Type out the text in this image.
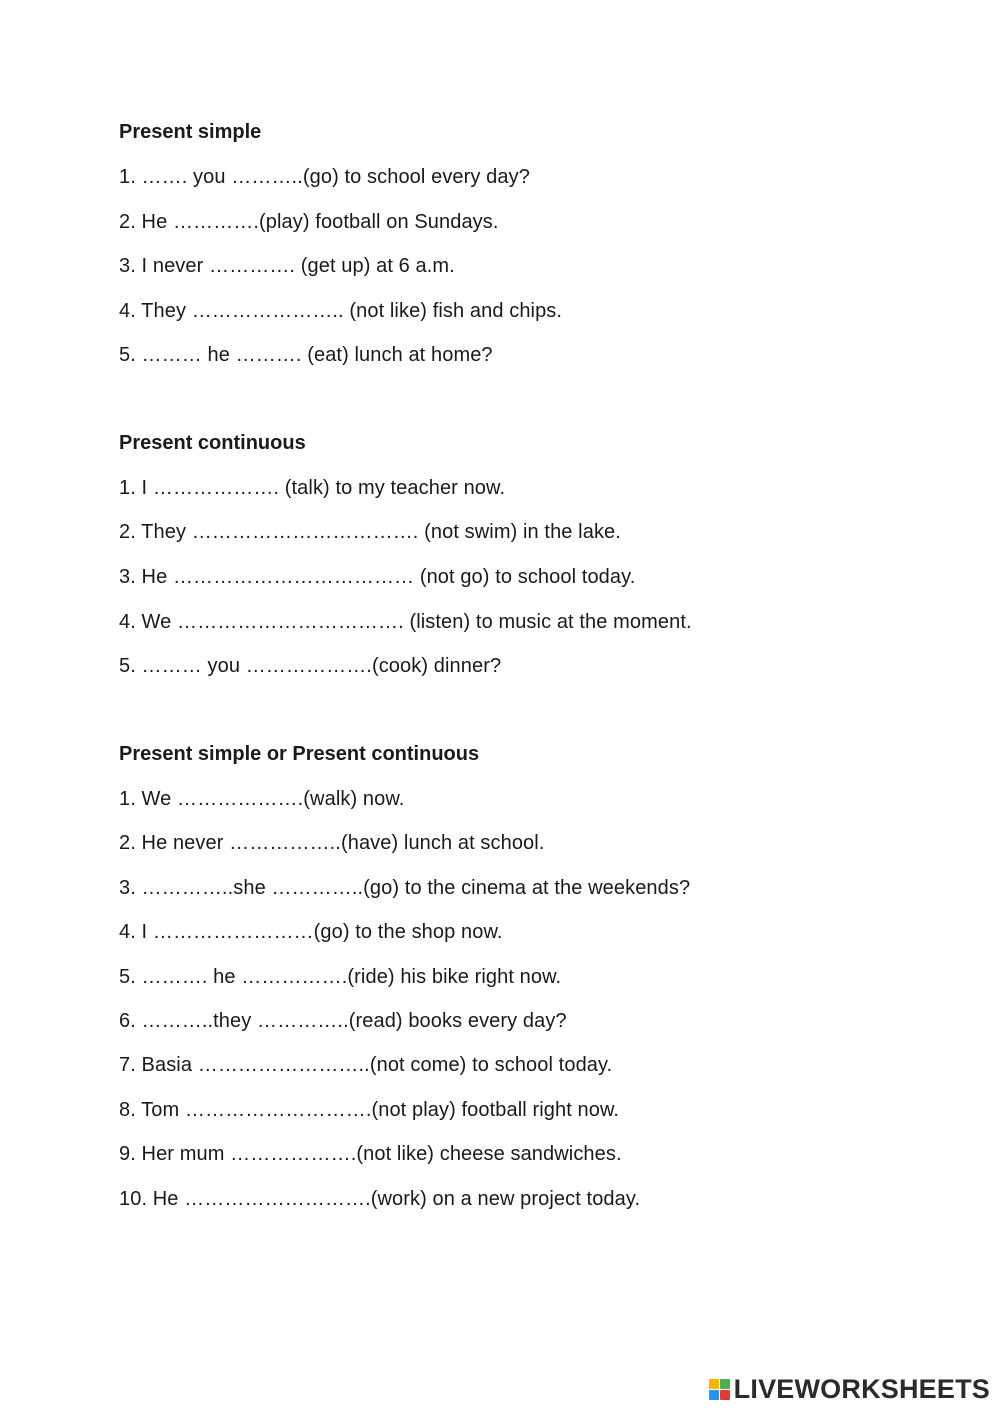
Present simple
1. ……. you ………..(go) to school every day?
2. He ………….(play) football on Sundays.
3. I never …………. (get up) at 6 a.m.
4. They ………………….. (not like) fish and chips.
5. ……… he ………. (eat) lunch at home?
Present continuous
1. I ………………. (talk) to my teacher now.
2. They ……………………………. (not swim) in the lake.
3. He ……………………………… (not go) to school today.
4. We ……………………………. (listen) to music at the moment.
5. ……… you ……………….(cook) dinner?
Present simple or Present continuous
1. We ……………….(walk) now.
2. He never ……………..(have) lunch at school.
3. …………..she …………..(go) to the cinema at the weekends?
4. I ……………………(go) to the shop now.
5. ………. he …………….(ride) his bike right now.
6. ………..they …………..(read) books every day?
7. Basia ……………………..(not come) to school today.
8. Tom ……………………….(not play) football right now.
9. Her mum ……………….(not like) cheese sandwiches.
10. He ……………………….(work) on a new project today.
LIVEWORKSHEETS
